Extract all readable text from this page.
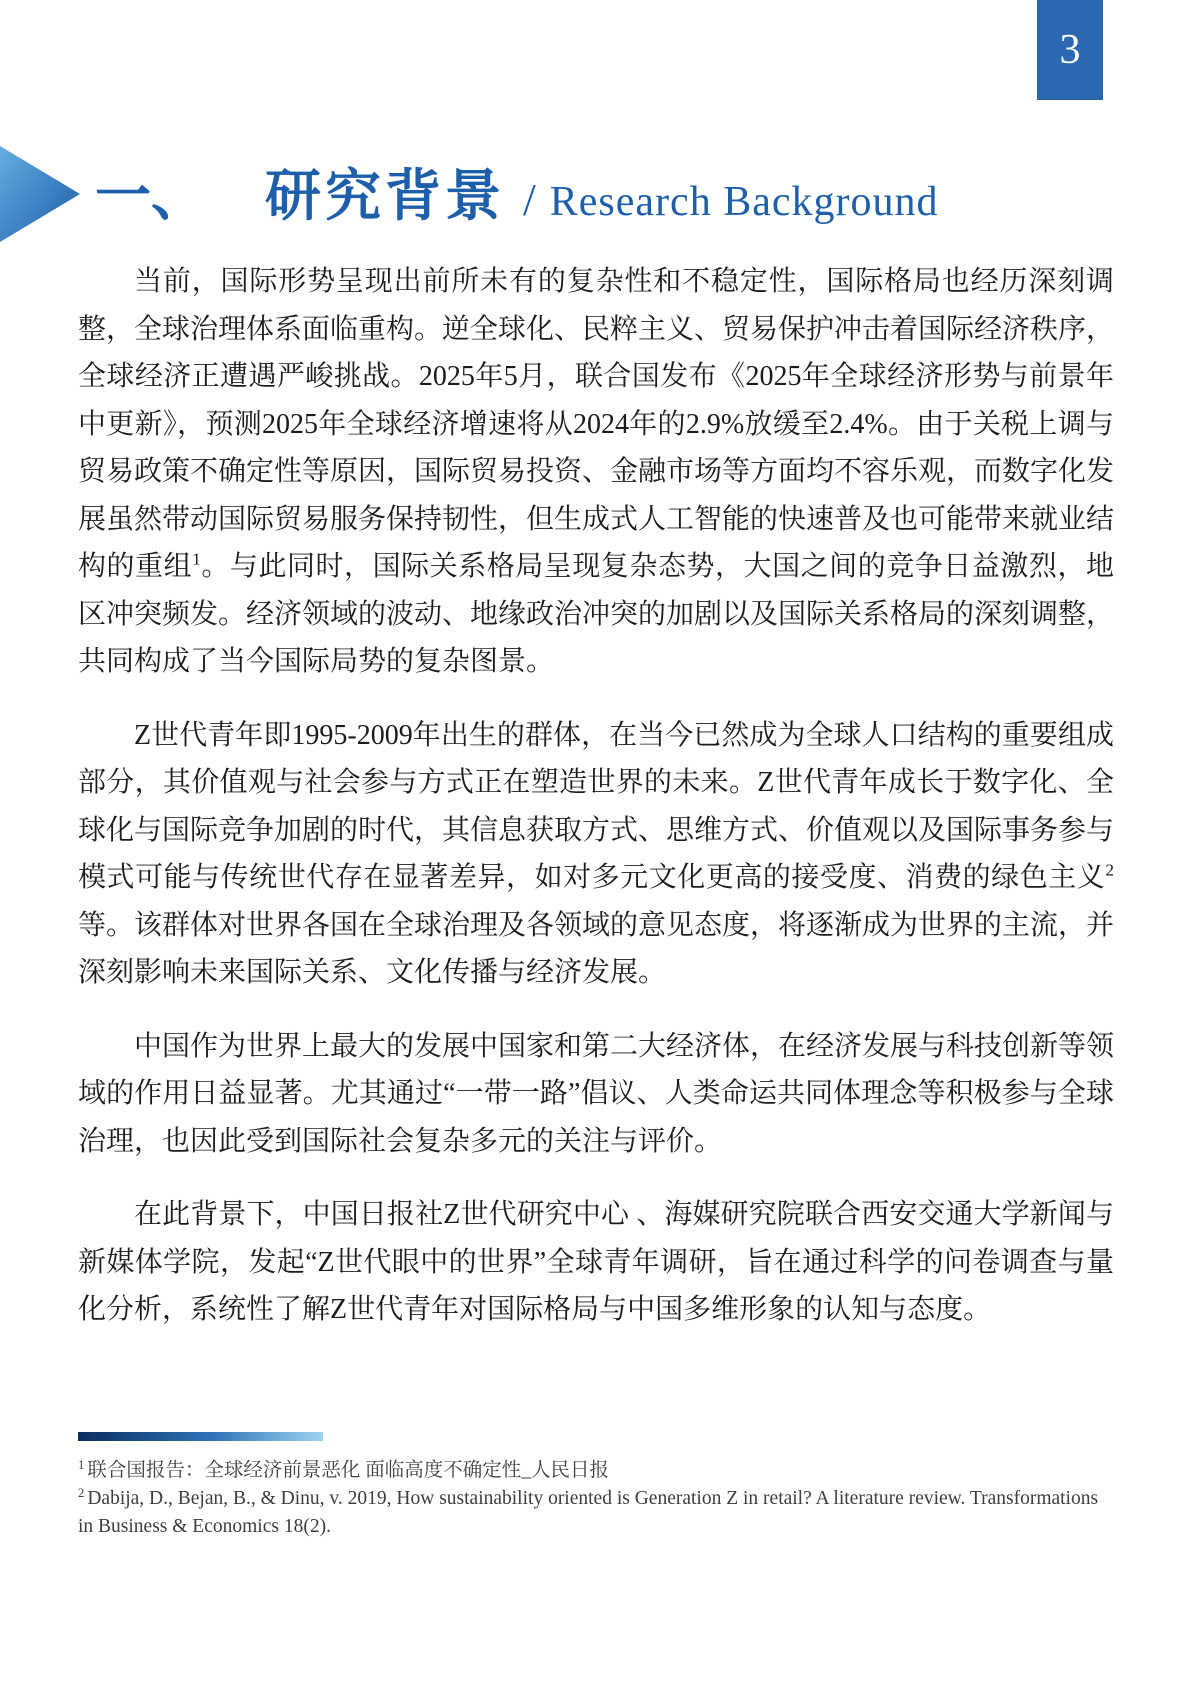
3
一、 研究背景 / Research Background

当前，国际形势呈现出前所未有的复杂性和不稳定性，国际格局也经历深刻调整，全球治理体系面临重构。逆全球化、民粹主义、贸易保护冲击着国际经济秩序，全球经济正遭遇严峻挑战。2025年5月，联合国发布《2025年全球经济形势与前景年中更新》，预测2025年全球经济增速将从2024年的2.9%放缓至2.4%。由于关税上调与贸易政策不确定性等原因，国际贸易投资、金融市场等方面均不容乐观，而数字化发展虽然带动国际贸易服务保持韧性，但生成式人工智能的快速普及也可能带来就业结构的重组$^1$。与此同时，国际关系格局呈现复杂态势，大国之间的竞争日益激烈，地区冲突频发。经济领域的波动、地缘政治冲突的加剧以及国际关系格局的深刻调整，共同构成了当今国际局势的复杂图景。

Z世代青年即1995-2009年出生的群体，在当今已然成为全球人口结构的重要组成部分，其价值观与社会参与方式正在塑造世界的未来。Z世代青年成长于数字化、全球化与国际竞争加剧的时代，其信息获取方式、思维方式、价值观以及国际事务参与模式可能与传统世代存在显著差异，如对多元文化更高的接受度、消费的绿色主义$^2$等。该群体对世界各国在全球治理及各领域的意见态度，将逐渐成为世界的主流，并深刻影响未来国际关系、文化传播与经济发展。

中国作为世界上最大的发展中国家和第二大经济体，在经济发展与科技创新等领域的作用日益显著。尤其通过“一带一路”倡议、人类命运共同体理念等积极参与全球治理，也因此受到国际社会复杂多元的关注与评价。

在此背景下，中国日报社Z世代研究中心 、海媒研究院联合西安交通大学新闻与新媒体学院，发起“Z世代眼中的世界”全球青年调研，旨在通过科学的问卷调查与量化分析，系统性了解Z世代青年对国际格局与中国多维形象的认知与态度。

$^1$ 联合国报告：全球经济前景恶化 面临高度不确定性_人民日报

$^2$ Dabija, D., Bejan, B., & Dinu, v. 2019, How sustainability oriented is Generation Z in retail? A literature review. Transformations in Business & Economics 18(2).
